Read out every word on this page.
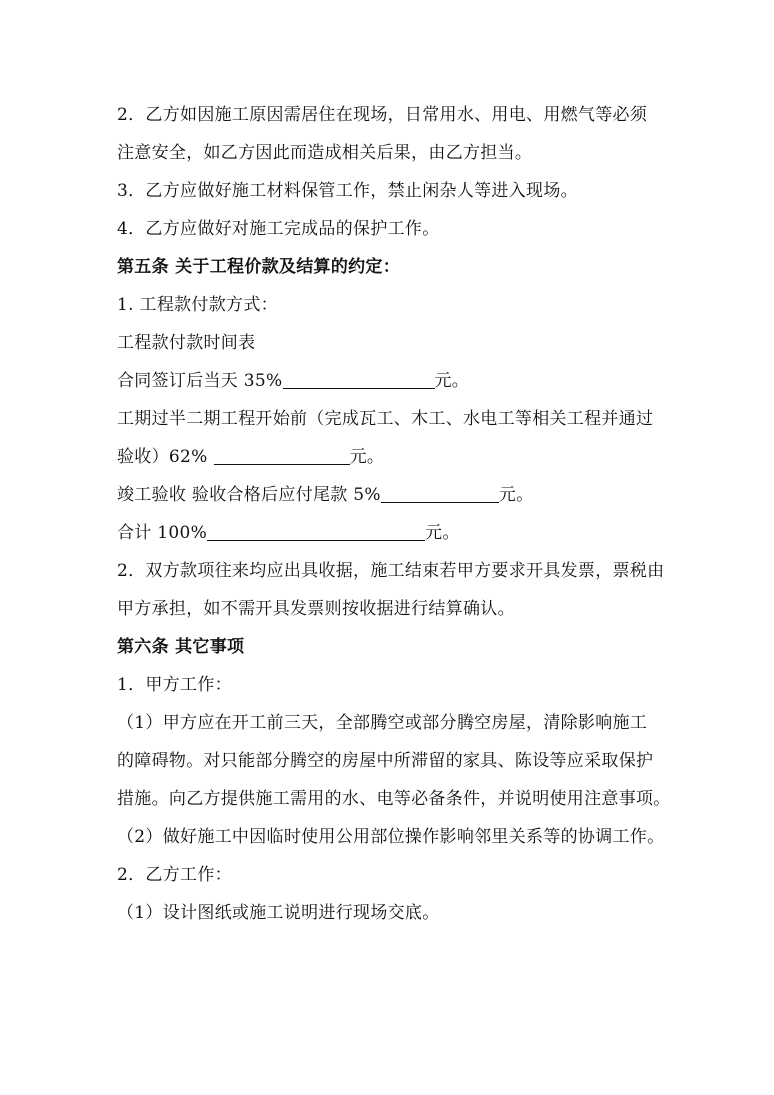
2．乙方如因施工原因需居住在现场，日常用水、用电、用燃气等必须
注意安全，如乙方因此而造成相关后果，由乙方担当。
3．乙方应做好施工材料保管工作，禁止闲杂人等进入现场。
4．乙方应做好对施工完成品的保护工作。
第五条 关于工程价款及结算的约定：
1. 工程款付款方式：
工程款付款时间表
合同签订后当天 35%	元。
工期过半二期工程开始前（完成瓦工、木工、水电工等相关工程并通过
验收）62%	元。
竣工验收 验收合格后应付尾款 5%	元。
合计 100%	元。
2．双方款项往来均应出具收据，施工结束若甲方要求开具发票，票税由
甲方承担，如不需开具发票则按收据进行结算确认。
第六条 其它事项
1．甲方工作：
（1）甲方应在开工前三天，全部腾空或部分腾空房屋，清除影响施工
的障碍物。对只能部分腾空的房屋中所滞留的家具、陈设等应采取保护
措施。向乙方提供施工需用的水、电等必备条件，并说明使用注意事项。
（2）做好施工中因临时使用公用部位操作影响邻里关系等的协调工作。
2．乙方工作：
（1）设计图纸或施工说明进行现场交底。
